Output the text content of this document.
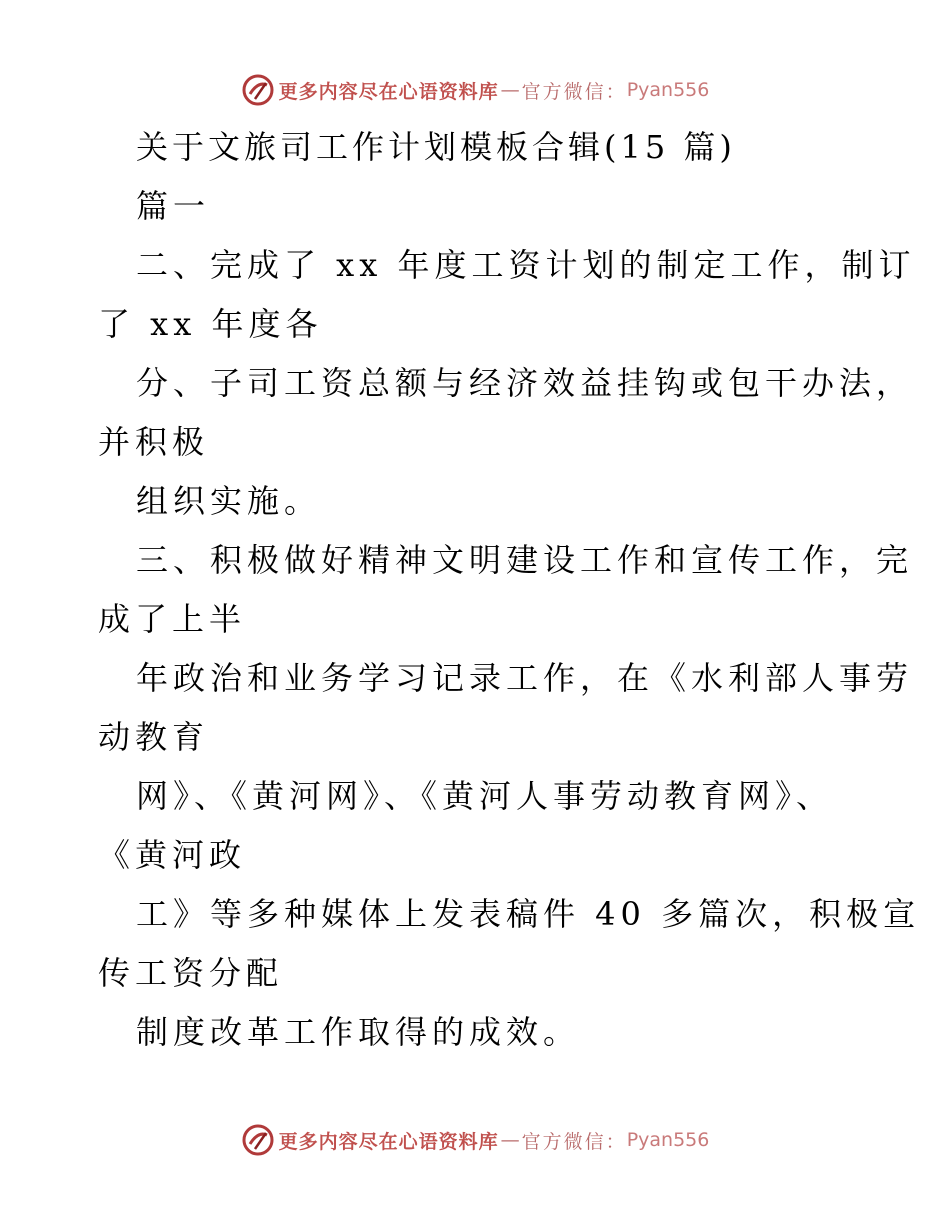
更多内容尽在心语资料库 — 官方微信： Pyan556
关于文旅司工作计划模板合辑(15 篇)
篇一
二、完成了 xx 年度工资计划的制定工作，制订
了 xx 年度各
分、子司工资总额与经济效益挂钩或包干办法，
并积极
组织实施。
三、积极做好精神文明建设工作和宣传工作，完
成了上半
年政治和业务学习记录工作，在《水利部人事劳
动教育
网》、《黄河网》、《黄河人事劳动教育网》、
《黄河政
工》等多种媒体上发表稿件 40 多篇次，积极宣
传工资分配
制度改革工作取得的成效。
更多内容尽在心语资料库 — 官方微信： Pyan556
